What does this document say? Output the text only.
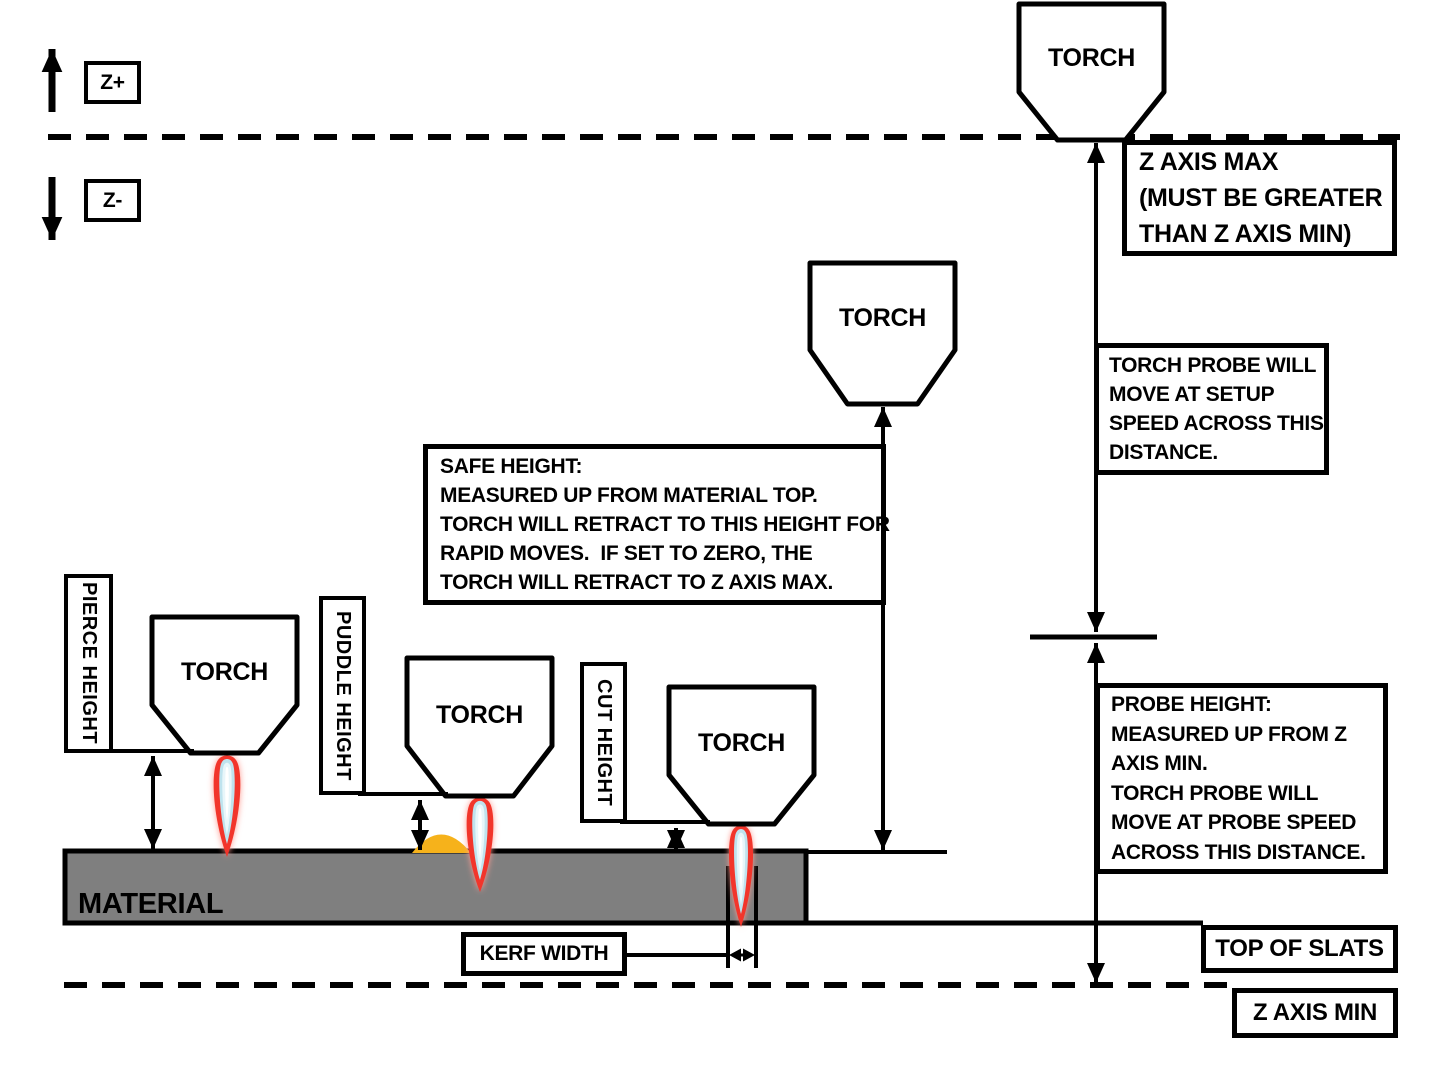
Z+
Z-
TORCH
TORCH
TORCH
TORCH
TORCH
Z AXIS MAX
(MUST BE GREATER
THAN Z AXIS MIN)
TORCH PROBE WILL
MOVE AT SETUP
SPEED ACROSS THIS
DISTANCE.
SAFE HEIGHT:
MEASURED UP FROM MATERIAL TOP.
TORCH WILL RETRACT TO THIS HEIGHT FOR
RAPID MOVES.  IF SET TO ZERO, THE
TORCH WILL RETRACT TO Z AXIS MAX.
PROBE HEIGHT:
MEASURED UP FROM Z
AXIS MIN.
TORCH PROBE WILL
MOVE AT PROBE SPEED
ACROSS THIS DISTANCE.
PIERCE HEIGHT	PUDDLE HEIGHT	CUT HEIGHT
KERF WIDTH	TOP OF SLATS
Z AXIS MIN
MATERIAL
